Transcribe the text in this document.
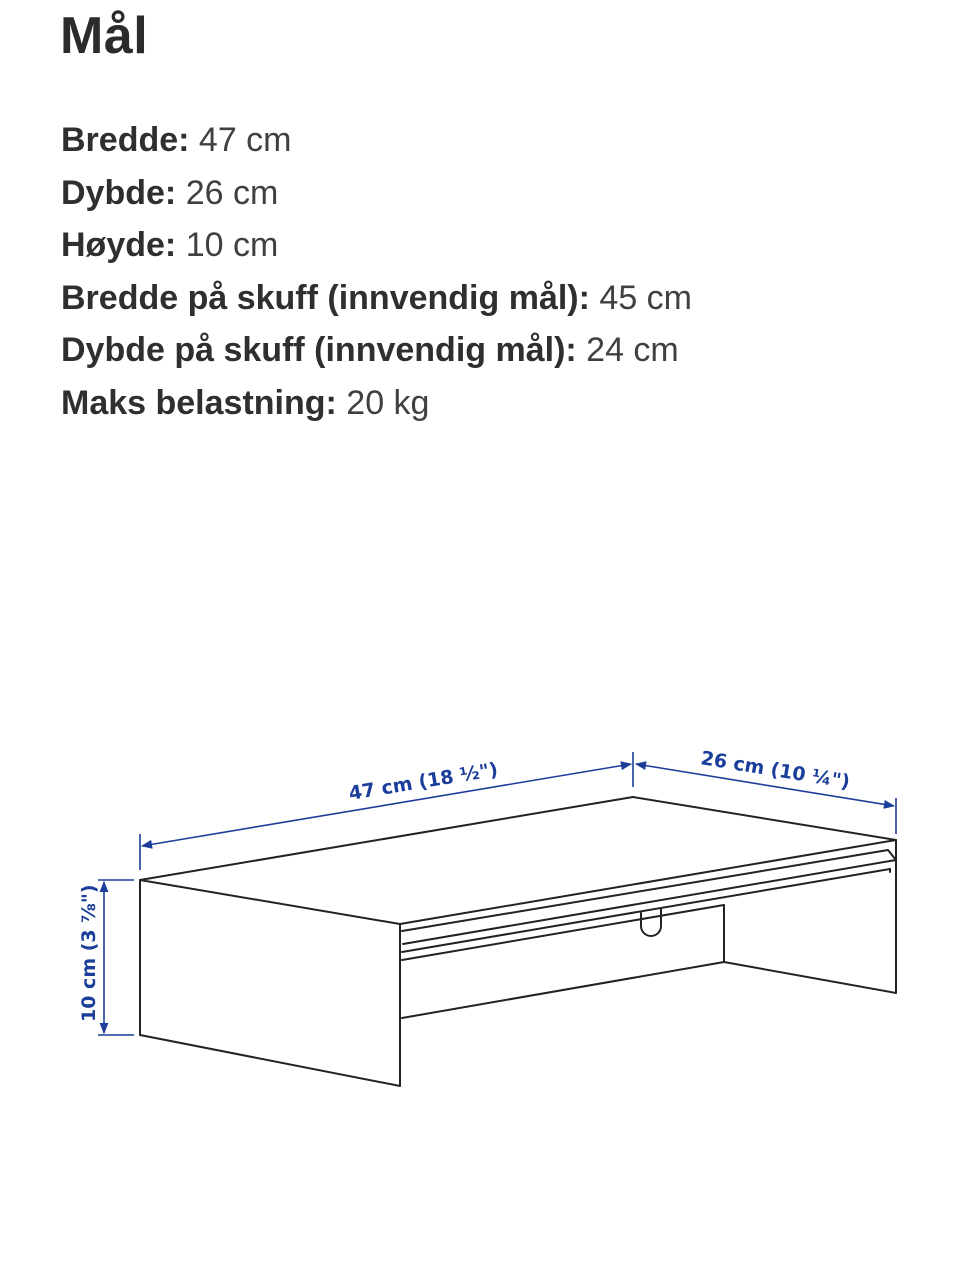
Mål
Bredde: 47 cm
Dybde: 26 cm
Høyde: 10 cm
Bredde på skuff (innvendig mål): 45 cm
Dybde på skuff (innvendig mål): 24 cm
Maks belastning: 20 kg
47 cm (18 ½")	26 cm (10 ¼")
10 cm (3 ⅞")
